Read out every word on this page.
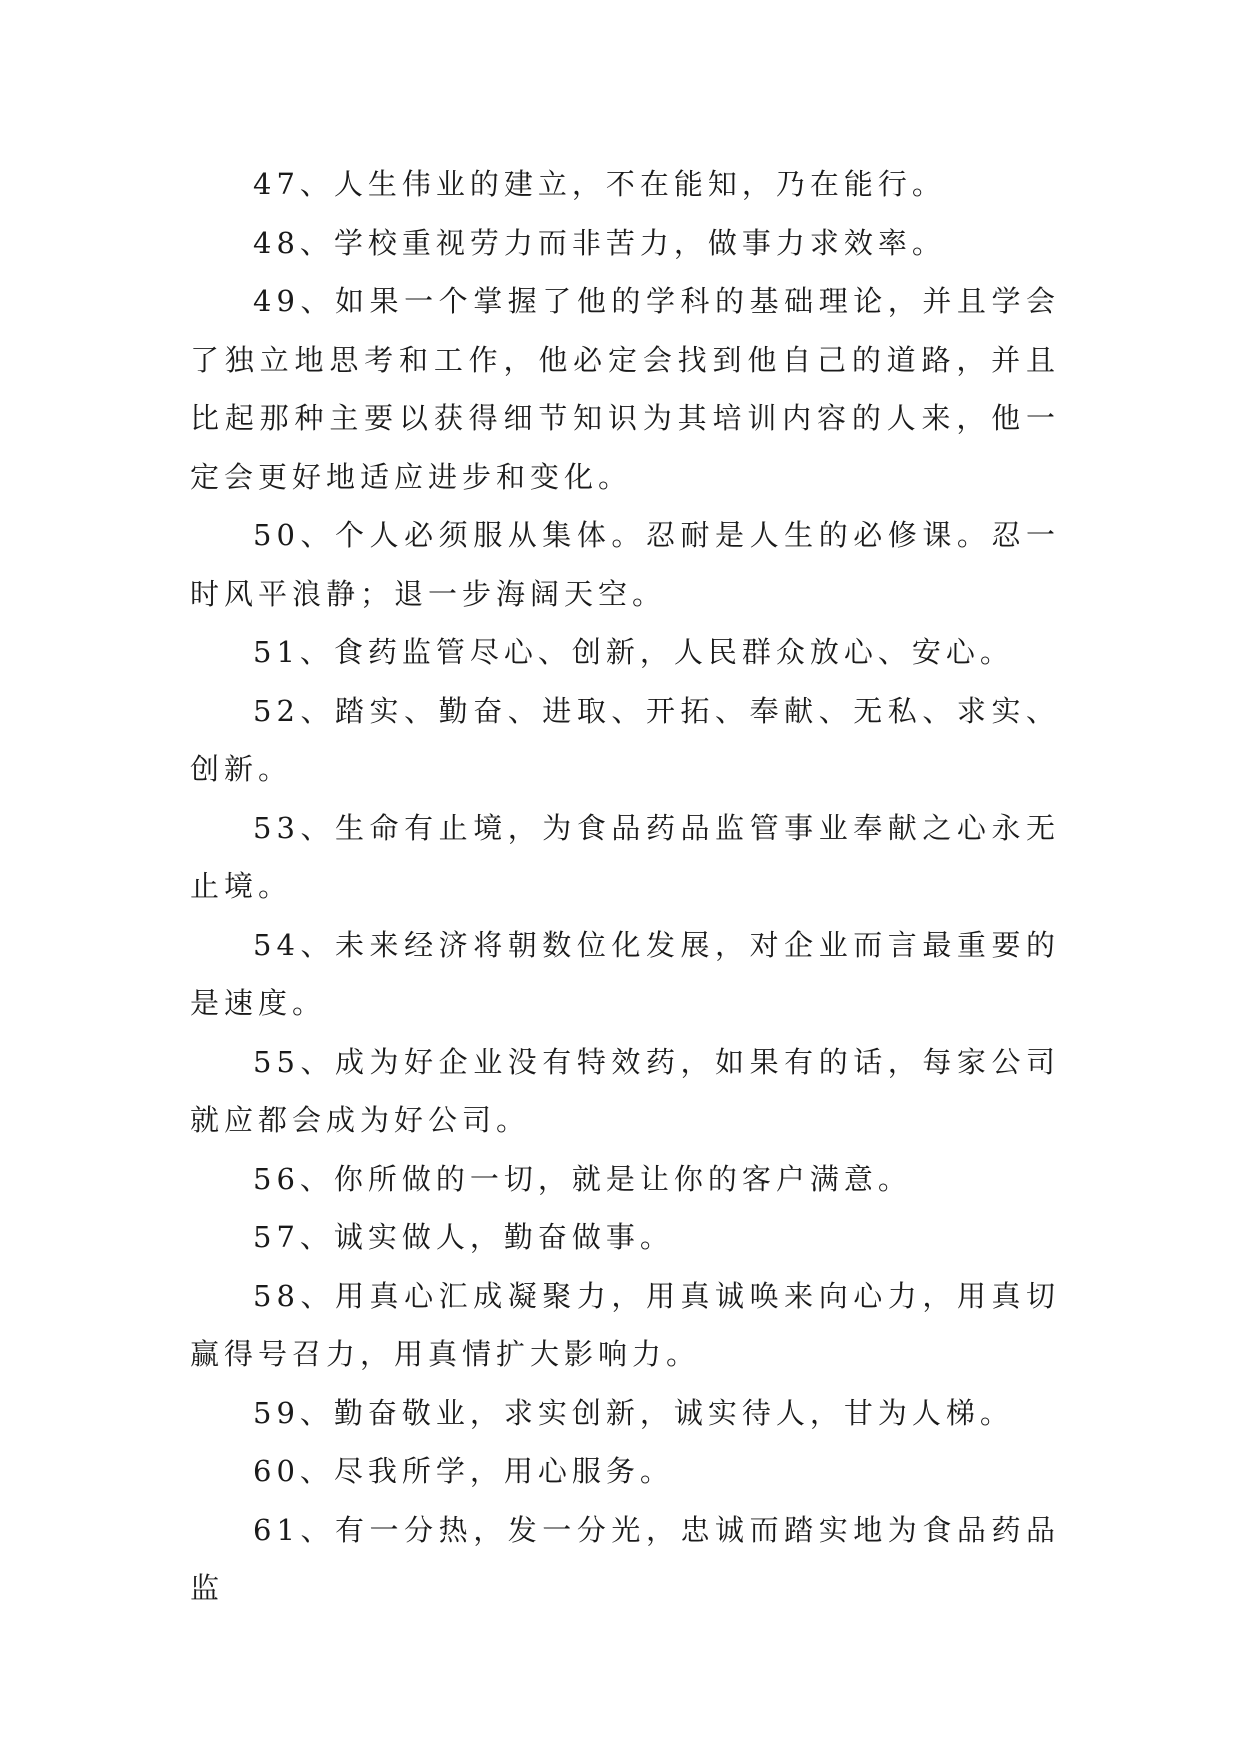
47、人生伟业的建立，不在能知，乃在能行。

48、学校重视劳力而非苦力，做事力求效率。

49、如果一个掌握了他的学科的基础理论，并且学会了独立地思考和工作，他必定会找到他自己的道路，并且比起那种主要以获得细节知识为其培训内容的人来，他一定会更好地适应进步和变化。

50、个人必须服从集体。忍耐是人生的必修课。忍一时风平浪静；退一步海阔天空。

51、食药监管尽心、创新，人民群众放心、安心。

52、踏实、勤奋、进取、开拓、奉献、无私、求实、创新。

53、生命有止境，为食品药品监管事业奉献之心永无止境。

54、未来经济将朝数位化发展，对企业而言最重要的是速度。

55、成为好企业没有特效药，如果有的话，每家公司就应都会成为好公司。

56、你所做的一切，就是让你的客户满意。

57、诚实做人，勤奋做事。

58、用真心汇成凝聚力，用真诚唤来向心力，用真切赢得号召力，用真情扩大影响力。

59、勤奋敬业，求实创新，诚实待人，甘为人梯。

60、尽我所学，用心服务。

61、有一分热，发一分光，忠诚而踏实地为食品药品监
